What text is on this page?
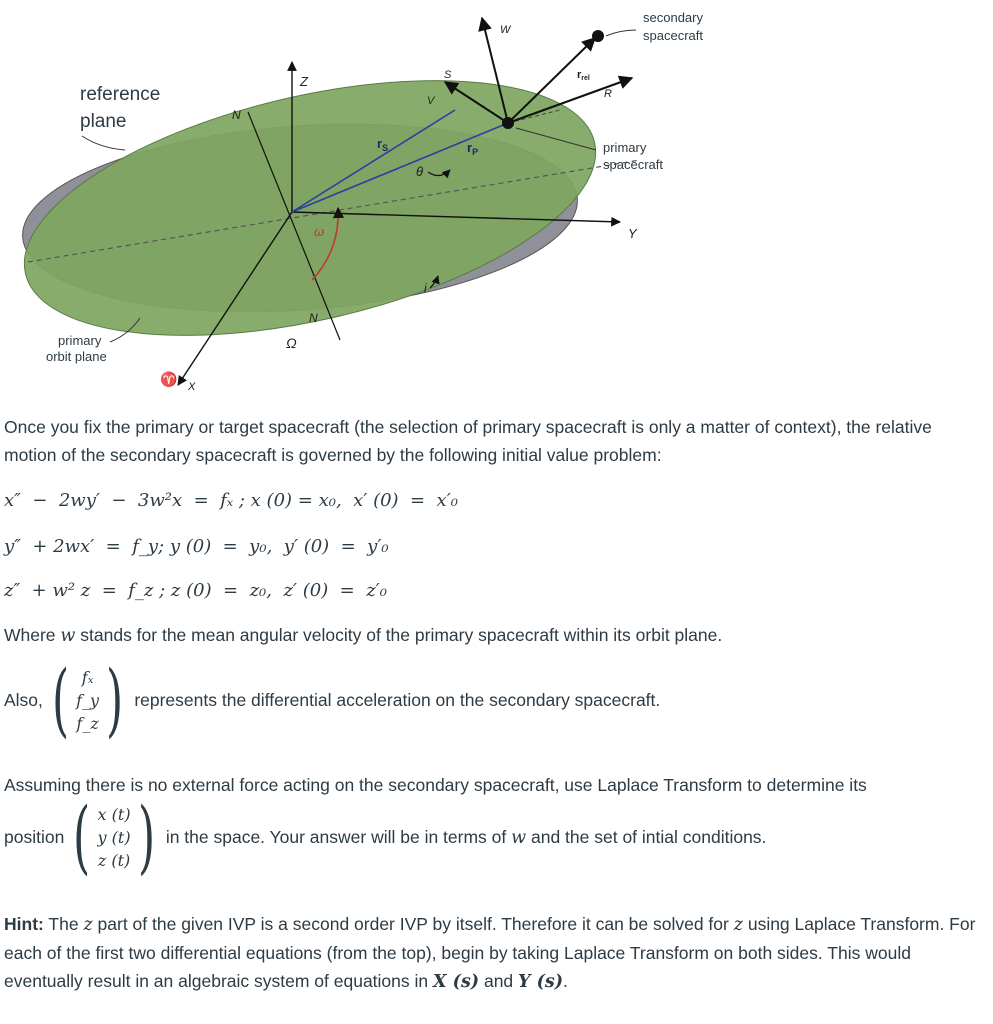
reference
plane
primary
orbit plane
secondary
spacecraft
primary
spacecraft
Z
Y
X
♈
W
S
R
V
N
N
Ω
ω
θ
i
$r_S$	$r_P$
rrel
Once you fix the primary or target spacecraft (the selection of primary spacecraft is only a matter of context), the relative motion of the secondary spacecraft is governed by the following initial value problem:
x″  −  2wy′  −  3w²x  =  fₓ ; x (0) = x₀,  x′ (0)  =  x′₀
y″  + 2wx′  =  f_y; y (0)  =  y₀,  y′ (0)  =  y′₀
z″  + w² z  =  f_z ; z (0)  =  z₀,  z′ (0)  =  z′₀
Where w stands for the mean angular velocity of the primary spacecraft within its orbit plane.
Also, ( fₓ
f_y
f_z ) represents the differential acceleration on the secondary spacecraft.
Assuming there is no external force acting on the secondary spacecraft, use Laplace Transform to determine its
position ( x (t)
y (t)
z (t) ) in the space. Your answer will be in terms of w and the set of intial conditions.
Hint: The z part of the given IVP is a second order IVP by itself. Therefore it can be solved for z using Laplace Transform. For each of the first two differential equations (from the top), begin by taking Laplace Transform on both sides. This would eventually result in an algebraic system of equations in X (s) and Y (s).
